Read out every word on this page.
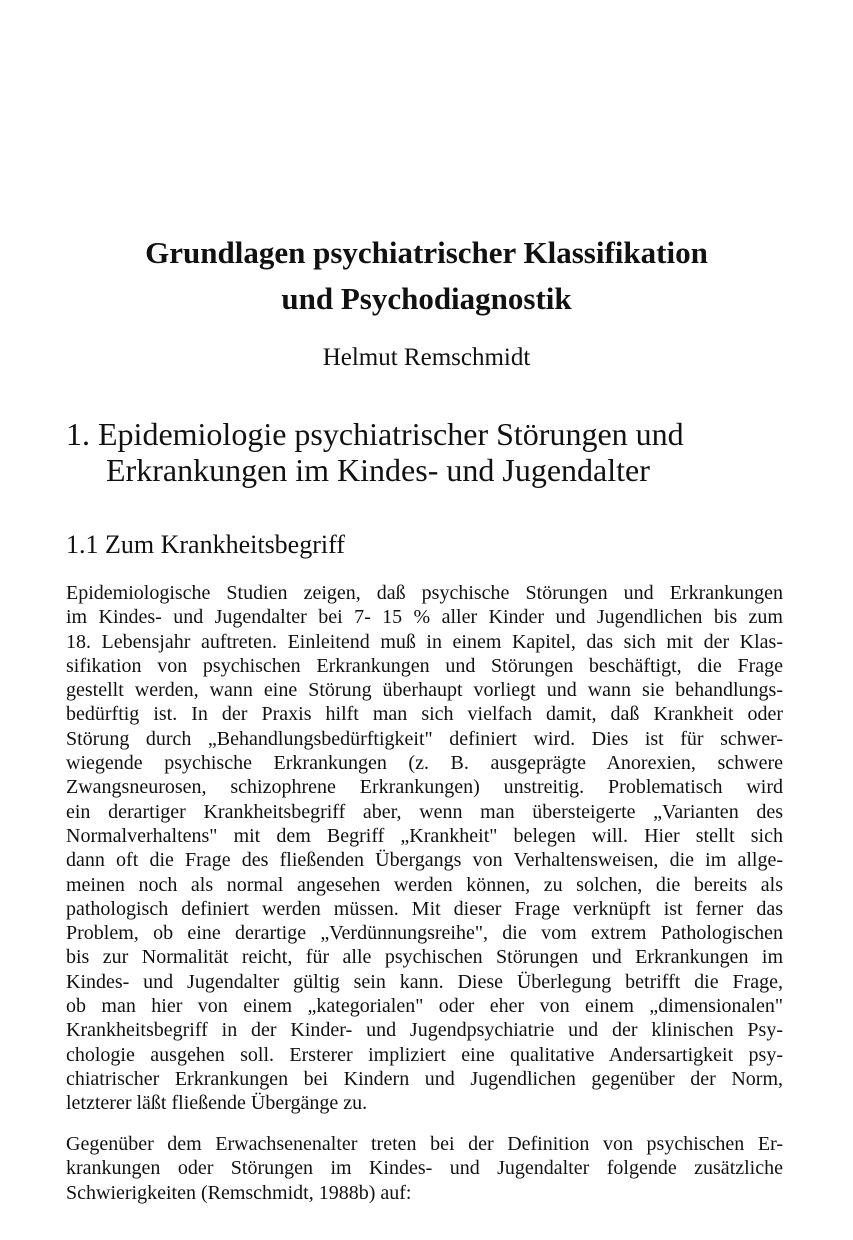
Grundlagen psychiatrischer Klassifikation
und Psychodiagnostik

Helmut Remschmidt

1. Epidemiologie psychiatrischer Störungen und
Erkrankungen im Kindes- und Jugendalter
1.1 Zum Krankheitsbegriff
Epidemiologische Studien zeigen, daß psychische Störungen und Erkrankungen
im Kindes- und Jugendalter bei 7- 15 % aller Kinder und Jugendlichen bis zum
18. Lebensjahr auftreten. Einleitend muß in einem Kapitel, das sich mit der Klas-
sifikation von psychischen Erkrankungen und Störungen beschäftigt, die Frage
gestellt werden, wann eine Störung überhaupt vorliegt und wann sie behandlungs-
bedürftig ist. In der Praxis hilft man sich vielfach damit, daß Krankheit oder
Störung durch „Behandlungsbedürftigkeit" definiert wird. Dies ist für schwer-
wiegende psychische Erkrankungen (z. B. ausgeprägte Anorexien, schwere
Zwangsneurosen, schizophrene Erkrankungen) unstreitig. Problematisch wird
ein derartiger Krankheitsbegriff aber, wenn man übersteigerte „Varianten des
Normalverhaltens" mit dem Begriff „Krankheit" belegen will. Hier stellt sich
dann oft die Frage des fließenden Übergangs von Verhaltensweisen, die im allge-
meinen noch als normal angesehen werden können, zu solchen, die bereits als
pathologisch definiert werden müssen. Mit dieser Frage verknüpft ist ferner das
Problem, ob eine derartige „Verdünnungsreihe", die vom extrem Pathologischen
bis zur Normalität reicht, für alle psychischen Störungen und Erkrankungen im
Kindes- und Jugendalter gültig sein kann. Diese Überlegung betrifft die Frage,
ob man hier von einem „kategorialen" oder eher von einem „dimensionalen"
Krankheitsbegriff in der Kinder- und Jugendpsychiatrie und der klinischen Psy-
chologie ausgehen soll. Ersterer impliziert eine qualitative Andersartigkeit psy-
chiatrischer Erkrankungen bei Kindern und Jugendlichen gegenüber der Norm,
letzterer läßt fließende Übergänge zu.
Gegenüber dem Erwachsenenalter treten bei der Definition von psychischen Er-
krankungen oder Störungen im Kindes- und Jugendalter folgende zusätzliche
Schwierigkeiten (Remschmidt, 1988b) auf:
